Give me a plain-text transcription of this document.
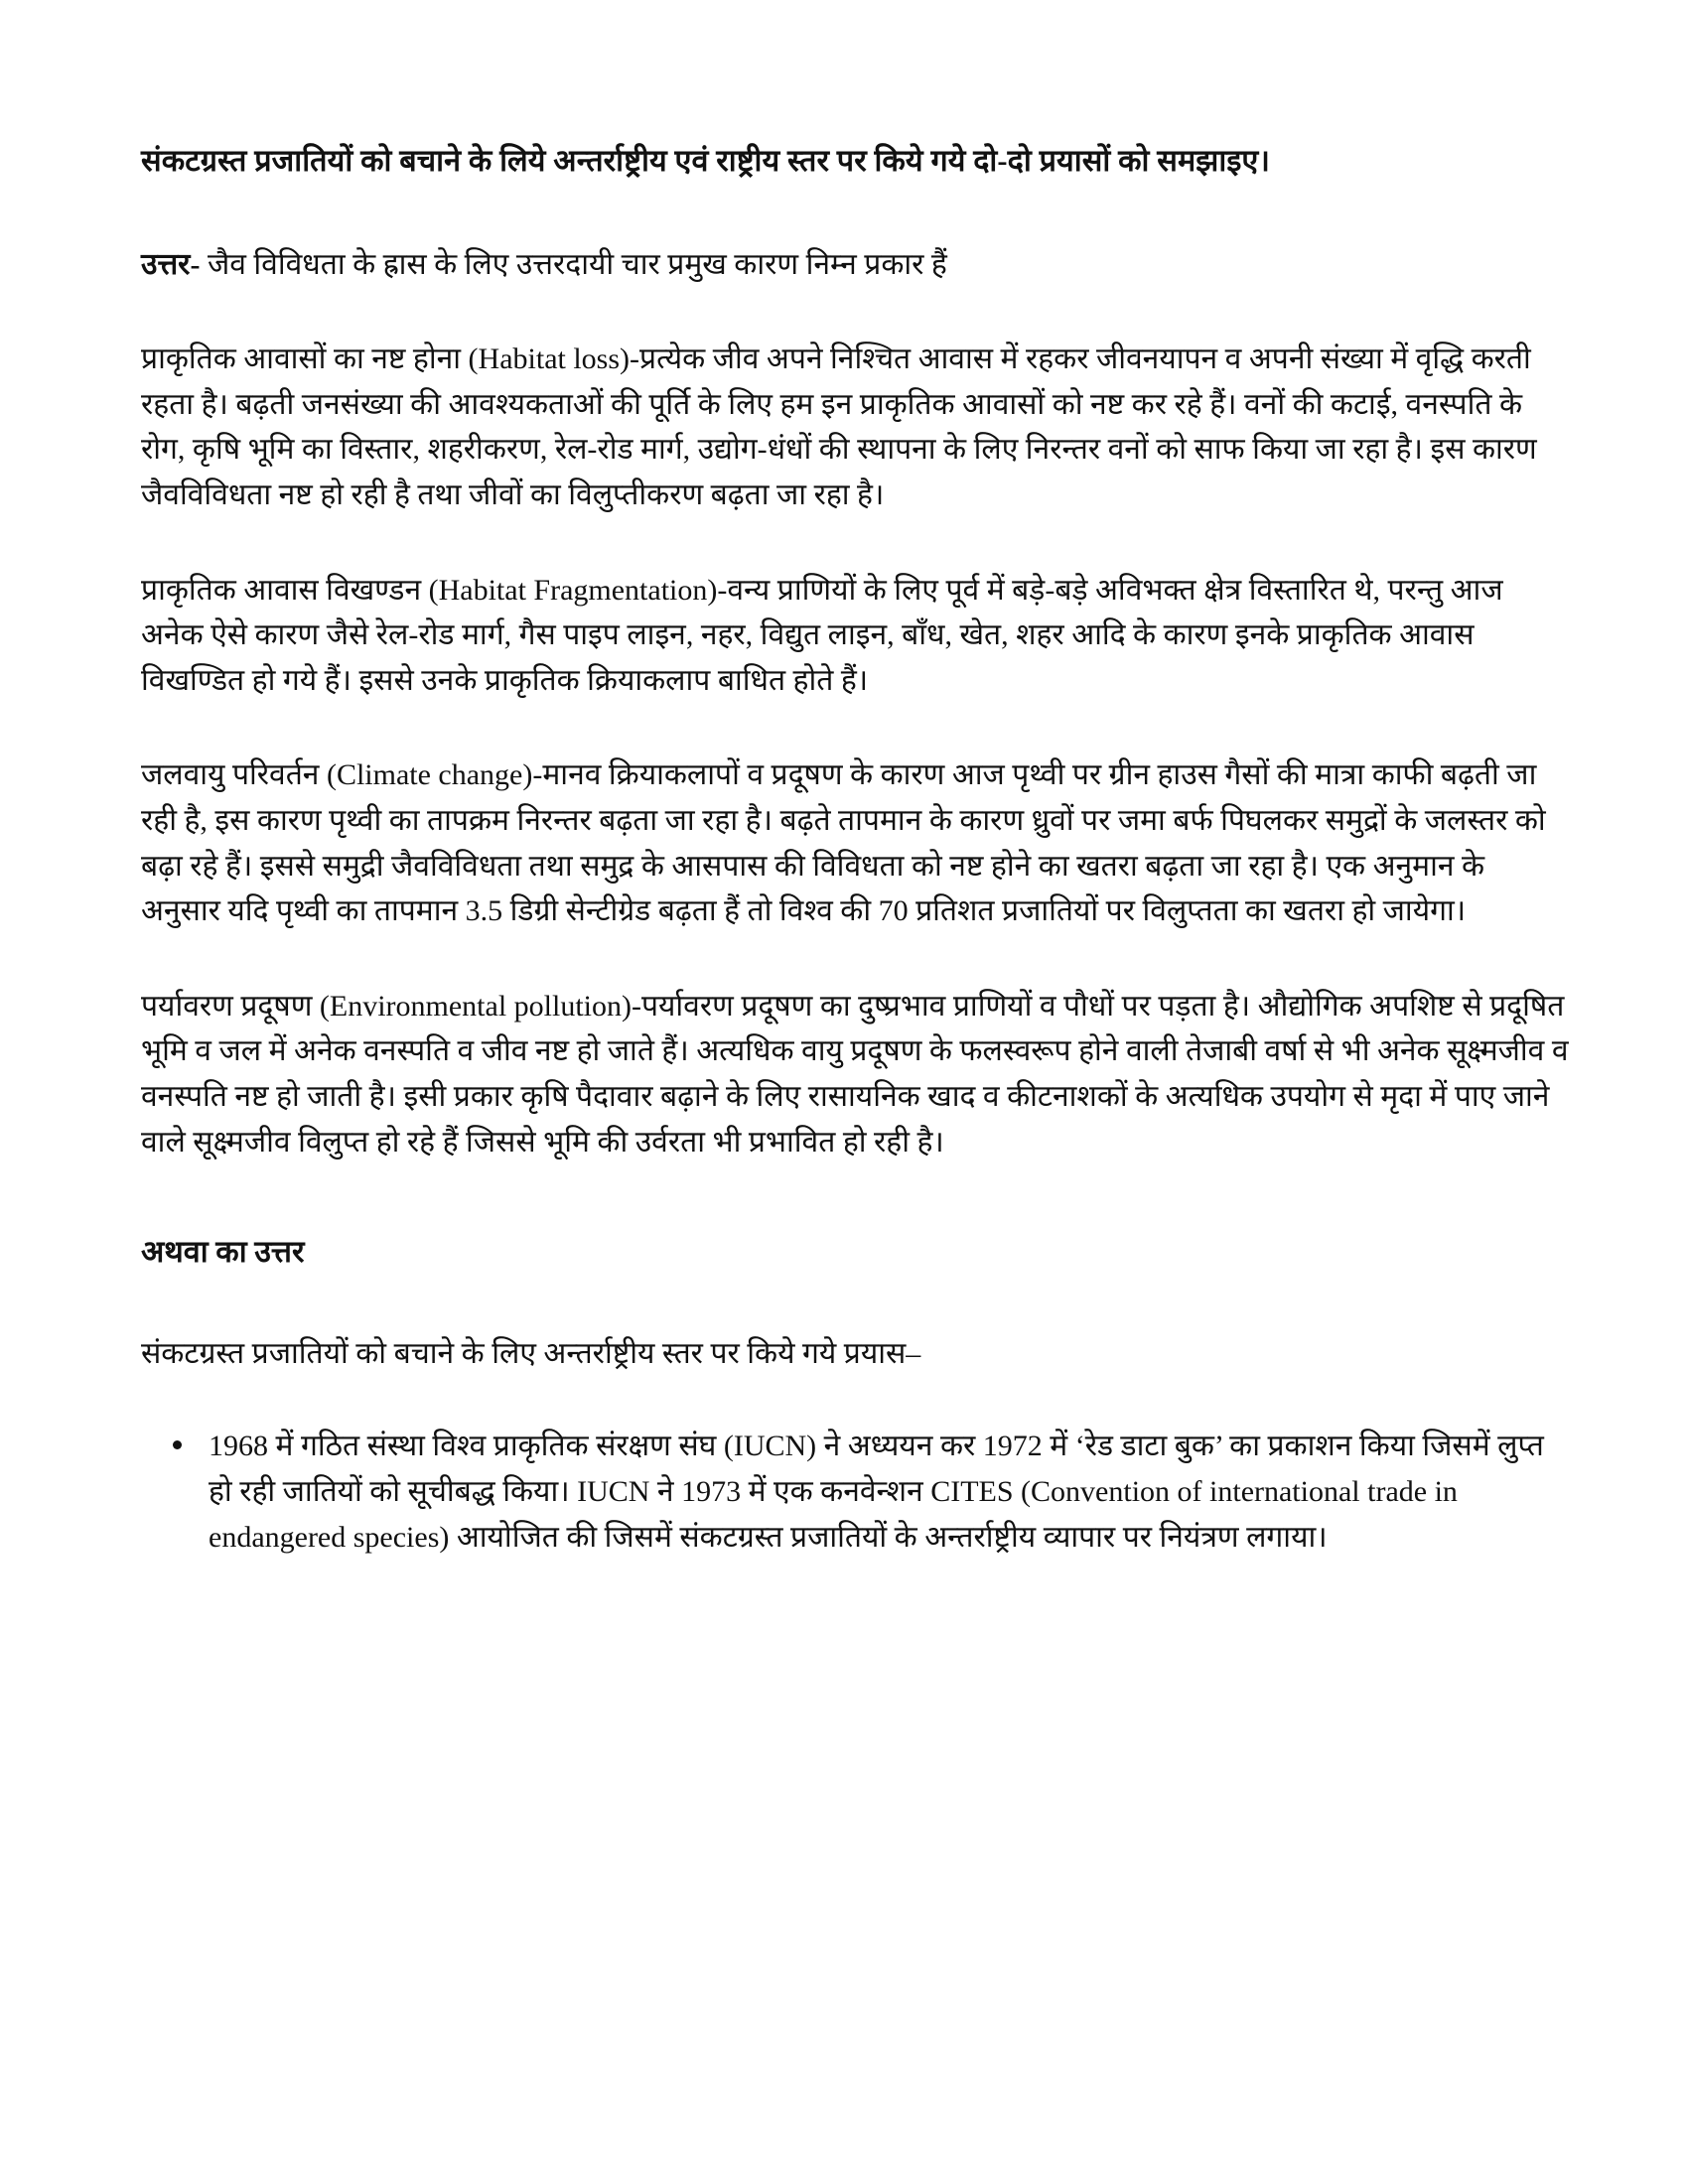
संकटग्रस्त प्रजातियों को बचाने के लिये अन्तर्राष्ट्रीय एवं राष्ट्रीय स्तर पर किये गये दो-दो प्रयासों को समझाइए।

उत्तर- जैव विविधता के ह्रास के लिए उत्तरदायी चार प्रमुख कारण निम्न प्रकार हैं

प्राकृतिक आवासों का नष्ट होना (Habitat loss)-प्रत्येक जीव अपने निश्चित आवास में रहकर जीवनयापन व अपनी संख्या में वृद्धि करती रहता है। बढ़ती जनसंख्या की आवश्यकताओं की पूर्ति के लिए हम इन प्राकृतिक आवासों को नष्ट कर रहे हैं। वनों की कटाई, वनस्पति के रोग, कृषि भूमि का विस्तार, शहरीकरण, रेल-रोड मार्ग, उद्योग-धंधों की स्थापना के लिए निरन्तर वनों को साफ किया जा रहा है। इस कारण जैवविविधता नष्ट हो रही है तथा जीवों का विलुप्तीकरण बढ़ता जा रहा है।

प्राकृतिक आवास विखण्डन (Habitat Fragmentation)-वन्य प्राणियों के लिए पूर्व में बड़े-बड़े अविभक्त क्षेत्र विस्तारित थे, परन्तु आज अनेक ऐसे कारण जैसे रेल-रोड मार्ग, गैस पाइप लाइन, नहर, विद्युत लाइन, बाँध, खेत, शहर आदि के कारण इनके प्राकृतिक आवास विखण्डित हो गये हैं। इससे उनके प्राकृतिक क्रियाकलाप बाधित होते हैं।

जलवायु परिवर्तन (Climate change)-मानव क्रियाकलापों व प्रदूषण के कारण आज पृथ्वी पर ग्रीन हाउस गैसों की मात्रा काफी बढ़ती जा रही है, इस कारण पृथ्वी का तापक्रम निरन्तर बढ़ता जा रहा है। बढ़ते तापमान के कारण ध्रुवों पर जमा बर्फ पिघलकर समुद्रों के जलस्तर को बढ़ा रहे हैं। इससे समुद्री जैवविविधता तथा समुद्र के आसपास की विविधता को नष्ट होने का खतरा बढ़ता जा रहा है। एक अनुमान के अनुसार यदि पृथ्वी का तापमान 3.5 डिग्री सेन्टीग्रेड बढ़ता हैं तो विश्व की 70 प्रतिशत प्रजातियों पर विलुप्तता का खतरा हो जायेगा।

पर्यावरण प्रदूषण (Environmental pollution)-पर्यावरण प्रदूषण का दुष्प्रभाव प्राणियों व पौधों पर पड़ता है। औद्योगिक अपशिष्ट से प्रदूषित भूमि व जल में अनेक वनस्पति व जीव नष्ट हो जाते हैं। अत्यधिक वायु प्रदूषण के फलस्वरूप होने वाली तेजाबी वर्षा से भी अनेक सूक्ष्मजीव व वनस्पति नष्ट हो जाती है। इसी प्रकार कृषि पैदावार बढ़ाने के लिए रासायनिक खाद व कीटनाशकों के अत्यधिक उपयोग से मृदा में पाए जाने वाले सूक्ष्मजीव विलुप्त हो रहे हैं जिससे भूमि की उर्वरता भी प्रभावित हो रही है।

अथवा का उत्तर

संकटग्रस्त प्रजातियों को बचाने के लिए अन्तर्राष्ट्रीय स्तर पर किये गये प्रयास–

1968 में गठित संस्था विश्व प्राकृतिक संरक्षण संघ (IUCN) ने अध्ययन कर 1972 में ‘रेड डाटा बुक’ का प्रकाशन किया जिसमें लुप्त हो रही जातियों को सूचीबद्ध किया। IUCN ने 1973 में एक कनवेन्शन CITES (Convention of international trade in endangered species) आयोजित की जिसमें संकटग्रस्त प्रजातियों के अन्तर्राष्ट्रीय व्यापार पर नियंत्रण लगाया।
